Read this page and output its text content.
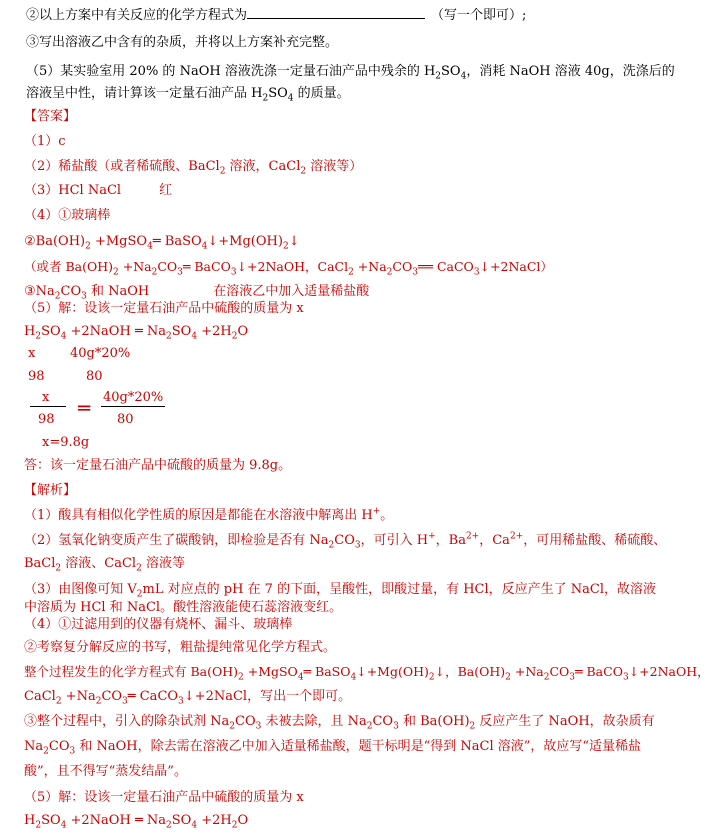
②以上方案中有关反应的化学方程式为	（写一个即可）;
③写出溶液乙中含有的杂质，并将以上方案补充完整。
（5）某实验室用 20% 的 NaOH 溶液洗涤一定量石油产品中残余的 $H_2SO_4$，消耗 NaOH 溶液 40g，洗涤后的
溶液呈中性，请计算该一定量石油产品 $H_2SO_4$ 的质量。
【答案】
（1）c
（2）稀盐酸（或者稀硫酸、BaCl$_2$ 溶液，CaCl$_2$ 溶液等）
（3）HCl NaCl	红
（4）①玻璃棒
$②Ba(OH)_2$ +MgSO$_4$═ $BaSO_4↓+Mg(OH)_2↓$
（或者 $Ba(OH)_2$ $+Na_2CO_3═$ BaCO$_3$↓+2NaOH，CaCl$_2$ $+Na_2CO_3══$ CaCO$_3$↓+2NaCl）
$③Na_2CO_3$ 和 NaOH	在溶液乙中加入适量稀盐酸
（5）解：设该一定量石油产品中硫酸的质量为 x
$H_2SO_4$ +2NaOH ═ $Na_2SO_4 +2H_2O$
x	40g*20%
98	80
x
98 ═ 40g*20%
80
x=9.8g
答：该一定量石油产品中硫酸的质量为 9.8g。
【解析】
（1）酸具有相似化学性质的原因是都能在水溶液中解离出 H+。
（2）氢氧化钠变质产生了碳酸钠，即检验是否有 $Na_2CO_3$，可引入 H+，$Ba^{2+}$，$Ca^{2+}$，可用稀盐酸、稀硫酸、
BaCl$_2$ 溶液、CaCl$_2$ 溶液等
（3）由图像可知 $V_2mL$ 对应点的 pH 在 7 的下面，呈酸性，即酸过量，有 HCl，反应产生了 NaCl，故溶液
中溶质为 HCl 和 NaCl。酸性溶液能使石蕊溶液变红。
（4）①过滤用到的仪器有烧杯、漏斗、玻璃棒
②考察复分解反应的书写，粗盐提纯常见化学方程式。
整个过程发生的化学方程式有 $Ba(OH)_2$ +MgSO$_4$═ $BaSO_4↓+Mg(OH)_2↓$，$Ba(OH)_2$ $+Na_2CO_3═$ BaCO$_3$↓+2NaOH，
CaCl$_2$ $+Na_2CO_3═$ CaCO$_3$↓+2NaCl，写出一个即可。
③整个过程中，引入的除杂试剂 $Na_2CO_3$ 未被去除，且 $Na_2CO_3$ 和 $Ba(OH)_2$ 反应产生了 NaOH，故杂质有
$Na_2CO_3$ 和 NaOH，除去需在溶液乙中加入适量稀盐酸，题干标明是“得到 NaCl 溶液”，故应写“适量稀盐
酸”，且不得写“蒸发结晶”。
（5）解：设该一定量石油产品中硫酸的质量为 x
$H_2SO_4$ +2NaOH ═ $Na_2SO_4 +2H_2O$
